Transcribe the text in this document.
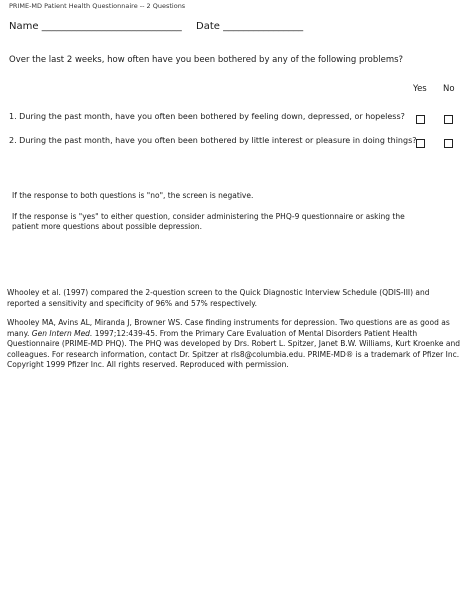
PRIME-MD Patient Health Questionnaire -- 2 Questions
Name ____________________________ Date ________________
Over the last 2 weeks, how often have you been bothered by any of the following problems?
Yes No
1. During the past month, have you often been bothered by feeling down, depressed, or hopeless?
2. During the past month, have you often been bothered by little interest or pleasure in doing things?

If the response to both questions is "no", the screen is negative.

If the response is "yes" to either question, consider administering the PHQ-9 questionnaire or asking the patient more questions about possible depression.

Whooley et al. (1997) compared the 2-question screen to the Quick Diagnostic Interview Schedule (QDIS-III) and reported a sensitivity and specificity of 96% and 57% respectively.
Whooley MA, Avins AL, Miranda J, Browner WS. Case finding instruments for depression. Two questions are as good as many. Gen Intern Med. 1997;12:439-45. From the Primary Care Evaluation of Mental Disorders Patient Health Questionnaire (PRIME-MD PHQ). The PHQ was developed by Drs. Robert L. Spitzer, Janet B.W. Williams, Kurt Kroenke and colleagues. For research information, contact Dr. Spitzer at rls8@columbia.edu. PRIME-MD® is a trademark of Pfizer Inc. Copyright 1999 Pfizer Inc. All rights reserved. Reproduced with permission.
